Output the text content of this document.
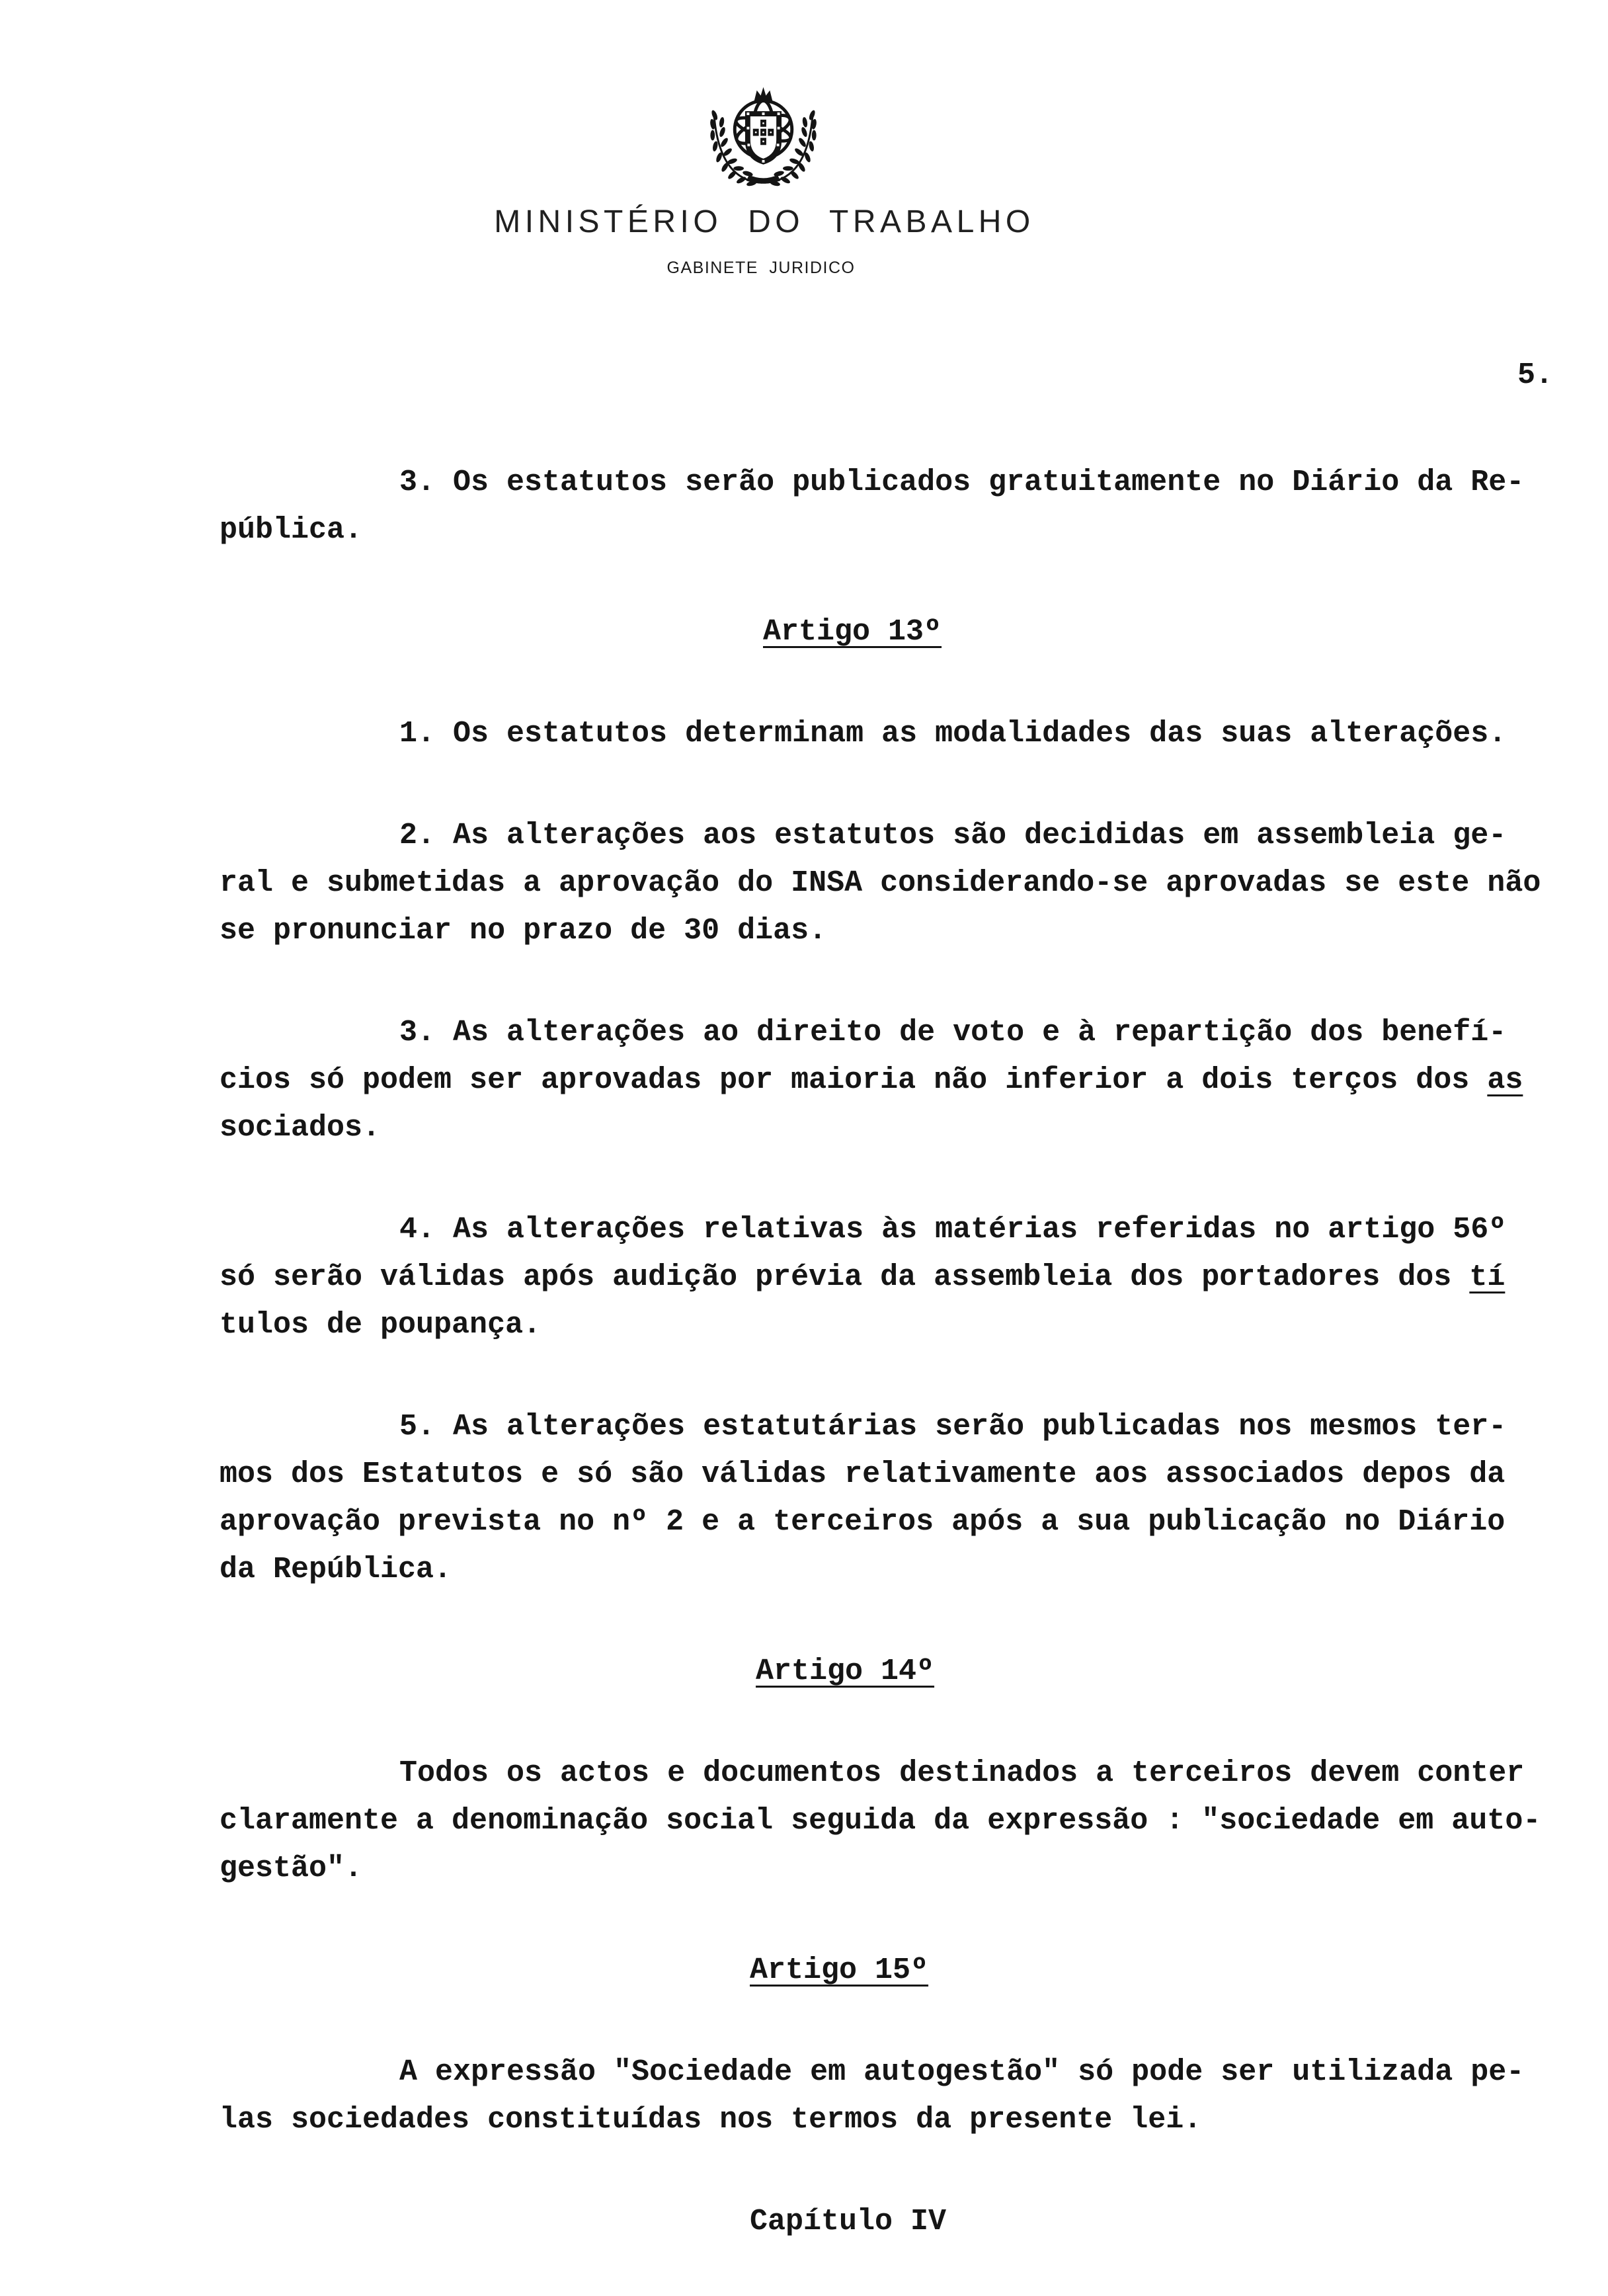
MINISTÉRIO DO TRABALHO
GABINETE JURIDICO
5.
3. Os estatutos serão publicados gratuitamente no Diário da Re-
pública.
Artigo 13º
1. Os estatutos determinam as modalidades das suas alterações.
2. As alterações aos estatutos são decididas em assembleia ge-
ral e submetidas a aprovação do INSA considerando-se aprovadas se este não
se pronunciar no prazo de 30 dias.
3. As alterações ao direito de voto e à repartição dos benefí-
cios só podem ser aprovadas por maioria não inferior a dois terços dos as
sociados.
4. As alterações relativas às matérias referidas no artigo 56º
só serão válidas após audição prévia da assembleia dos portadores dos tí
tulos de poupança.
5. As alterações estatutárias serão publicadas nos mesmos ter-
mos dos Estatutos e só são válidas relativamente aos associados depos da
aprovação prevista no nº 2 e a terceiros após a sua publicação no Diário
da República.
Artigo 14º
Todos os actos e documentos destinados a terceiros devem conter
claramente a denominação social seguida da expressão : "sociedade em auto-
gestão".
Artigo 15º
A expressão "Sociedade em autogestão" só pode ser utilizada pe-
las sociedades constituídas nos termos da presente lei.
Capítulo IV
